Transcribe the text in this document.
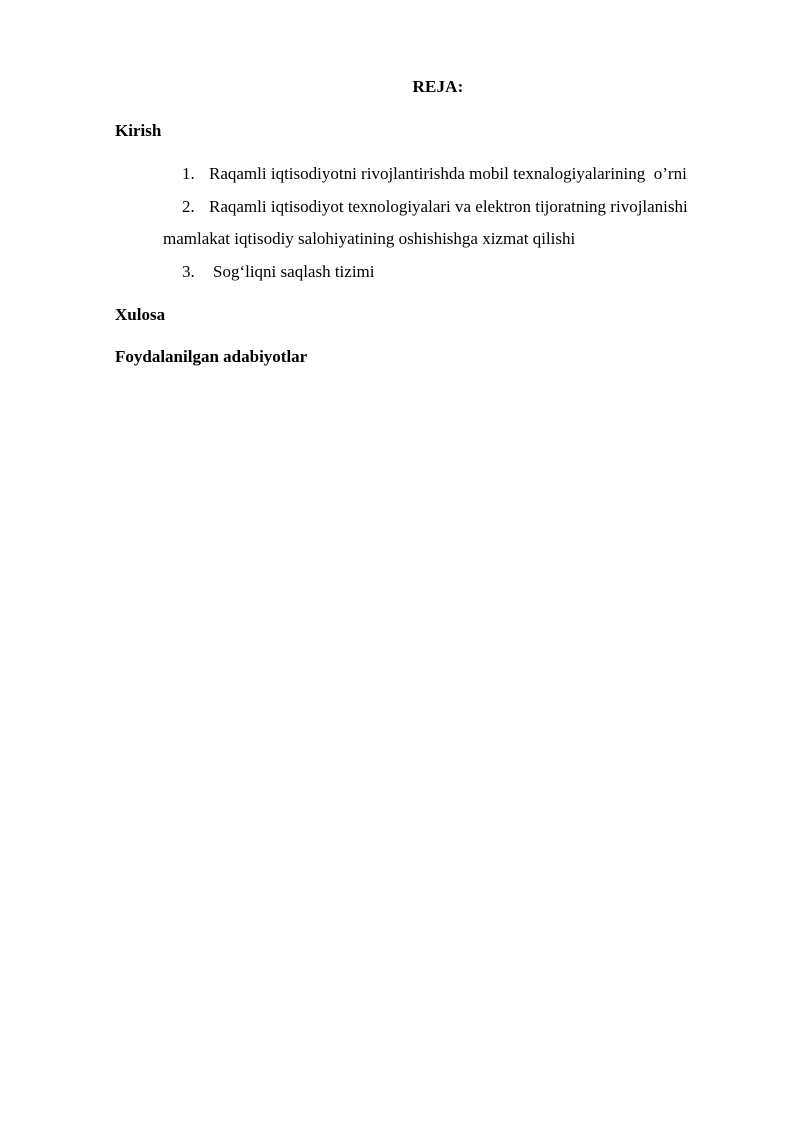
REJA:
Kirish
1. Raqamli iqtisodiyotni rivojlantirishda mobil texnalogiyalarining  o’rni
2. Raqamli iqtisodiyot texnologiyalari va elektron tijoratning rivojlanishi
mamlakat iqtisodiy salohiyatining oshishishga xizmat qilishi
3. Sog‘liqni saqlash tizimi
Xulosa
Foydalanilgan adabiyotlar
